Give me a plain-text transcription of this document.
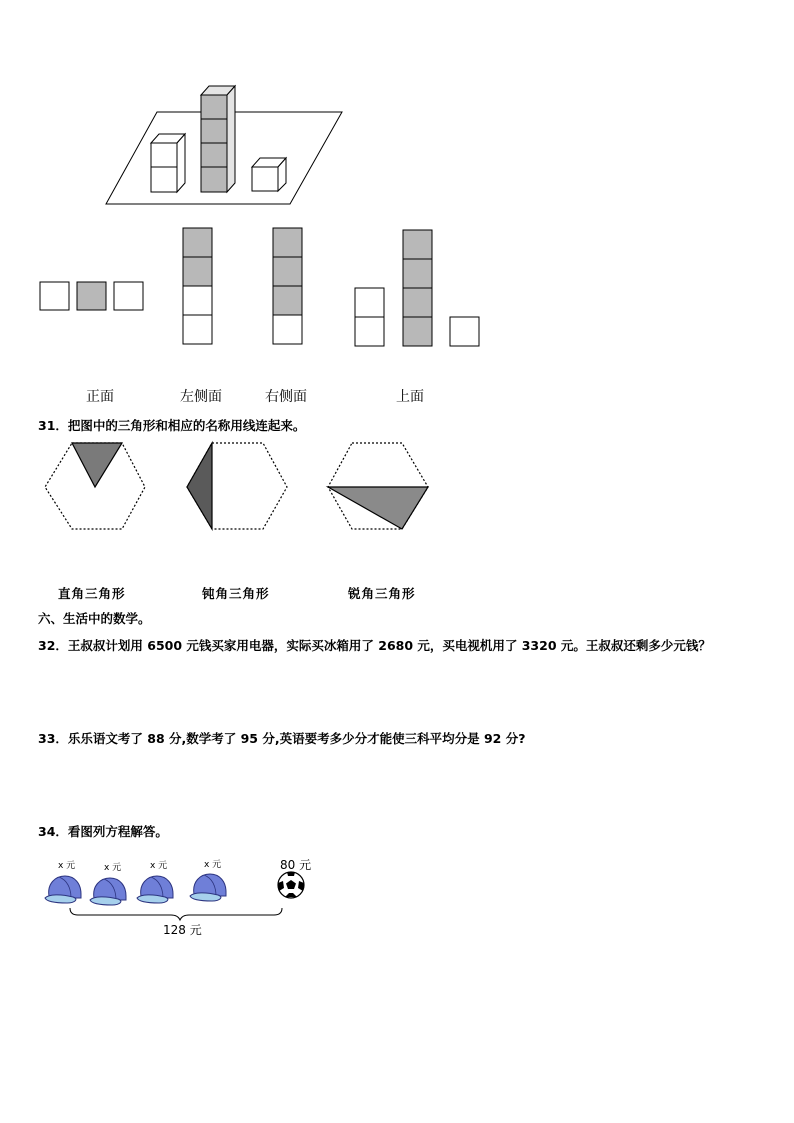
正面	左侧面	右侧面	上面
31．把图中的三角形和相应的名称用线连起来。
直角三角形	钝角三角形	锐角三角形
六、生活中的数学。
32．王叔叔计划用 6500 元钱买家用电器，实际买冰箱用了 2680 元，买电视机用了 3320 元。王叔叔还剩多少元钱？
33．乐乐语文考了 88 分,数学考了 95 分,英语要考多少分才能使三科平均分是 92 分?
34．看图列方程解答。
x 元	x 元	x 元	x 元	80 元
128 元
